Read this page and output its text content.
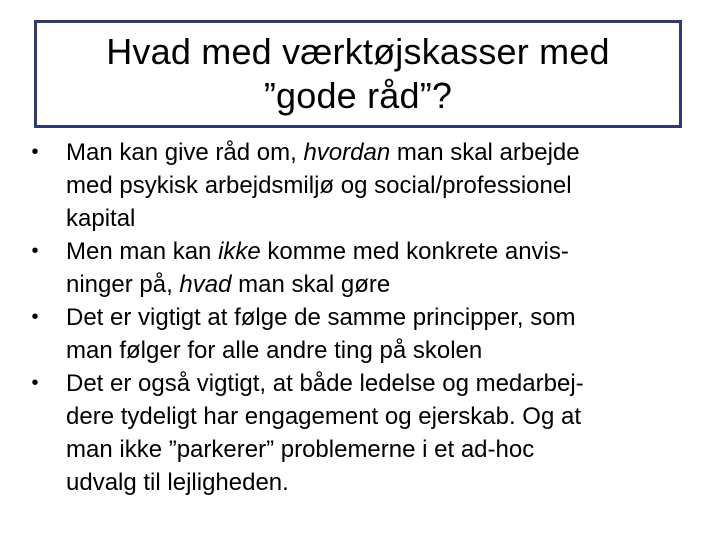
Hvad med værktøjskasser med
”gode råd”?
• Man kan give råd om, hvordan man skal arbejde
med psykisk arbejdsmiljø og social/professionel
kapital
• Men man kan ikke komme med konkrete anvis-
ninger på, hvad man skal gøre
• Det er vigtigt at følge de samme principper, som
man følger for alle andre ting på skolen
• Det er også vigtigt, at både ledelse og medarbej-
dere tydeligt har engagement og ejerskab. Og at
man ikke ”parkerer” problemerne i et ad-hoc
udvalg til lejligheden.
